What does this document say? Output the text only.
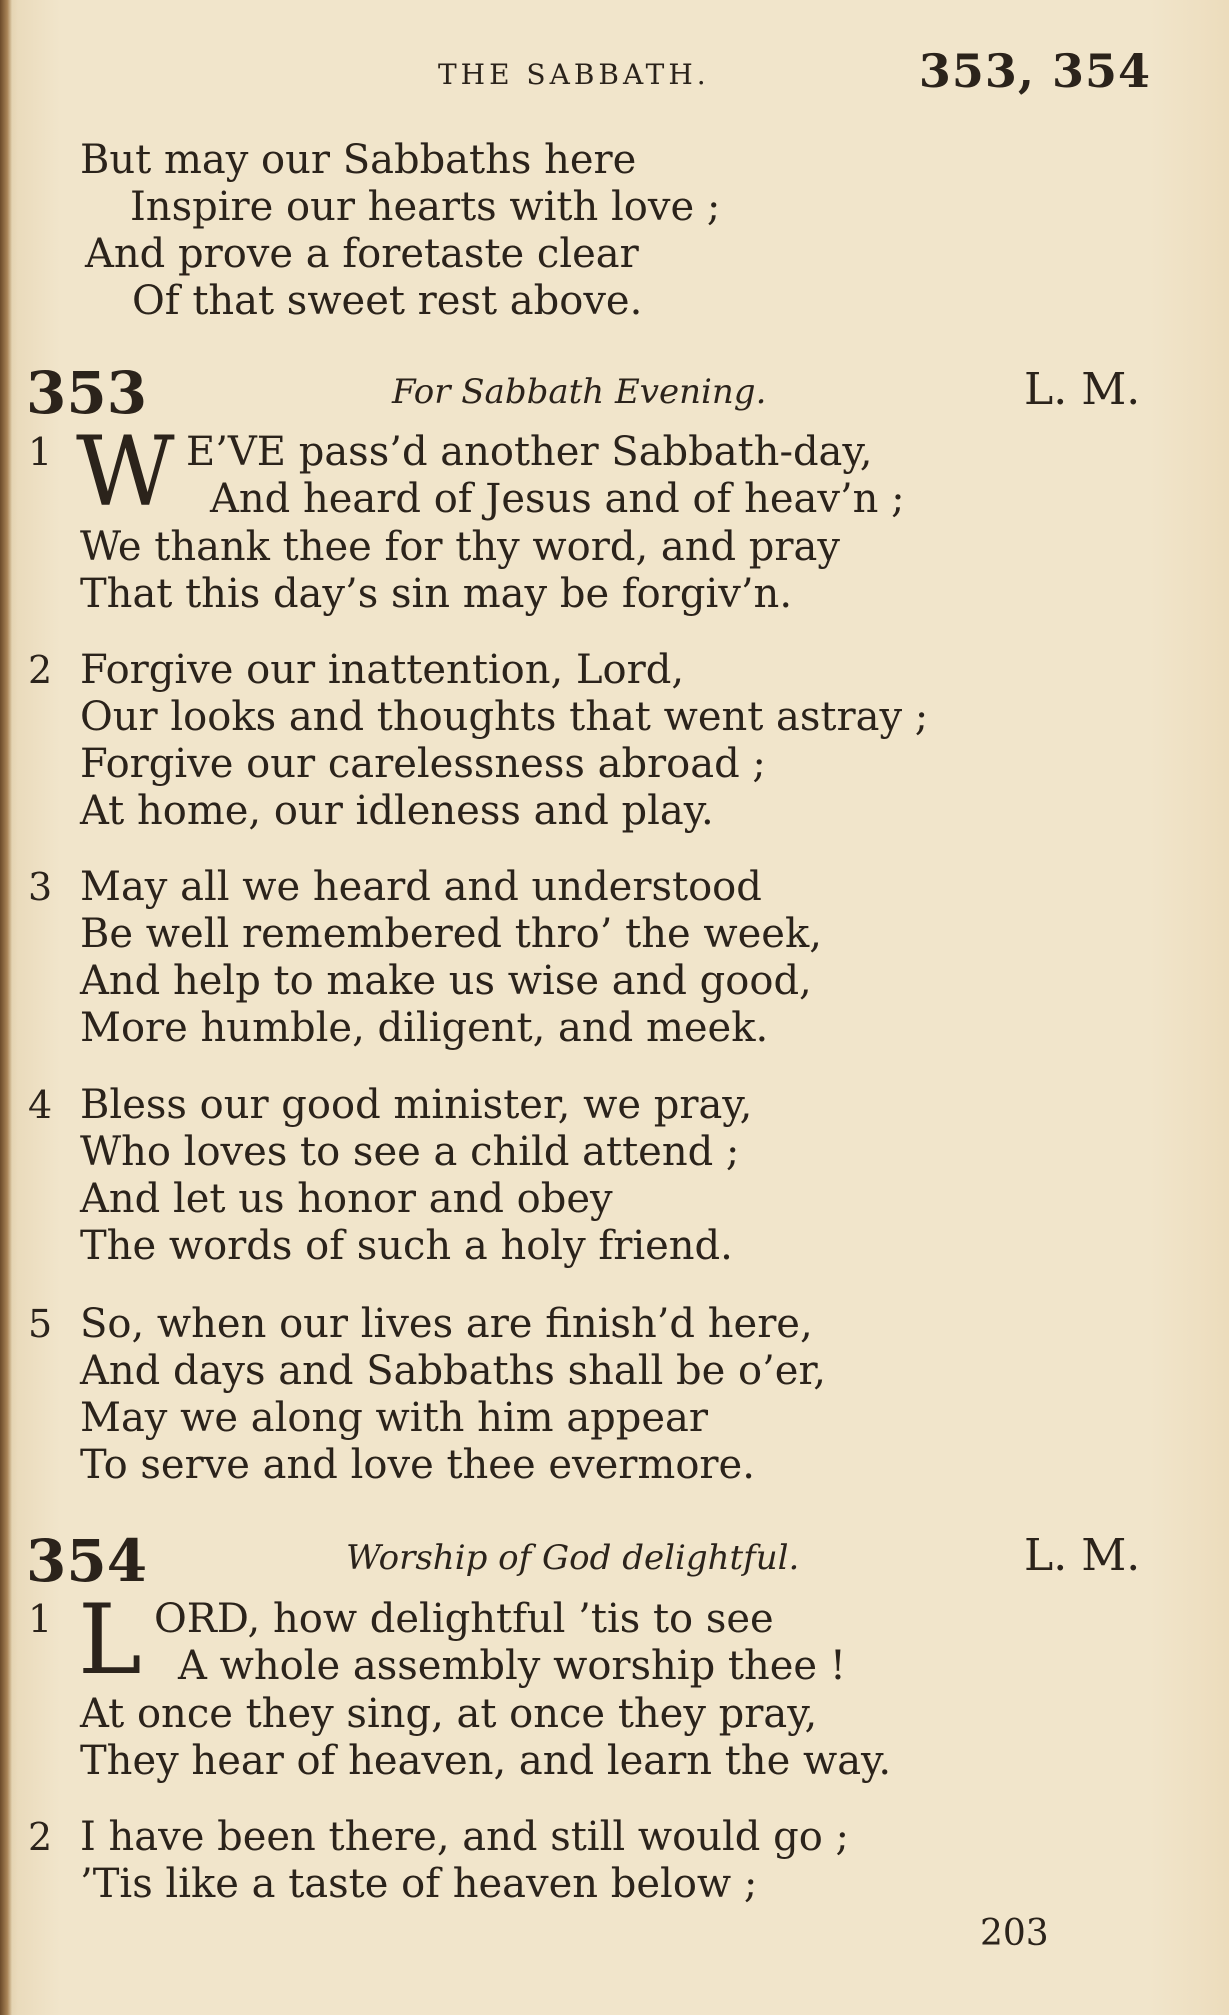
THE SABBATH.	353, 354
But may our Sabbaths here
Inspire our hearts with love ;
And prove a foretaste clear
Of that sweet rest above.
353	For Sabbath Evening.	L. M.
1 W E’VE pass’d another Sabbath-day,
And heard of Jesus and of heav’n ;
We thank thee for thy word, and pray
That this day’s sin may be forgiv’n.
2 Forgive our inattention, Lord,
Our looks and thoughts that went astray ;
Forgive our carelessness abroad ;
At home, our idleness and play.
3 May all we heard and understood
Be well remembered thro’ the week,
And help to make us wise and good,
More humble, diligent, and meek.
4 Bless our good minister, we pray,
Who loves to see a child attend ;
And let us honor and obey
The words of such a holy friend.
5 So, when our lives are finish’d here,
And days and Sabbaths shall be o’er,
May we along with him appear
To serve and love thee evermore.
354	Worship of God delightful.	L. M.
1 L ORD, how delightful ’tis to see
A whole assembly worship thee !
At once they sing, at once they pray,
They hear of heaven, and learn the way.
2 I have been there, and still would go ;
’Tis like a taste of heaven below ;
203
